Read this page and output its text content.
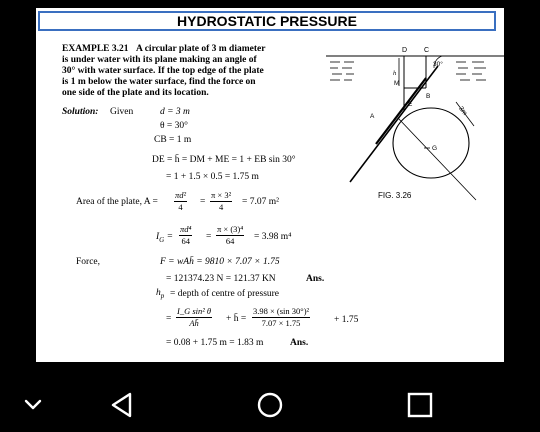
HYDROSTATIC PRESSURE
EXAMPLE 3.21 A circular plate of 3 m diameter
is under water with its plane making an angle of
30° with water surface. If the top edge of the plate
is 1 m below the water surface, find the force on
one side of the plate and its location.
Solution: Given	d = 3 m
θ = 30°
CB = 1 m
DE = h̄ = DM + ME = 1 + EB sin 30°
= 1 + 1.5 × 0.5 = 1.75 m
Area of the plate, $A = \frac{\text{πd²}}{4} = \frac{\text{π × 3²}}{4} = 7.07$ m²
$I_G = \frac{\text{πd⁴}}{64} = \frac{\text{π × (3)⁴}}{64} = 3.98$ m⁴
Force,	F = wAh̄ = 9810 × 7.07 × 1.75
= 121374.23 N = 121.37 KN	Ans.
$h_p$ = depth of centre of pressure
= $\frac{\text{I\_G sin² θ}}{Ah̄}$ + h̄ = $\frac{\text{3.98 × (sin 30°)²}}{7.07 \times 1.75}$	+ 1.75
= 0.08 + 1.75 m = 1.83 m	Ans.
D C
30°
h
M
B
E
A
G
3m
FIG. 3.26
